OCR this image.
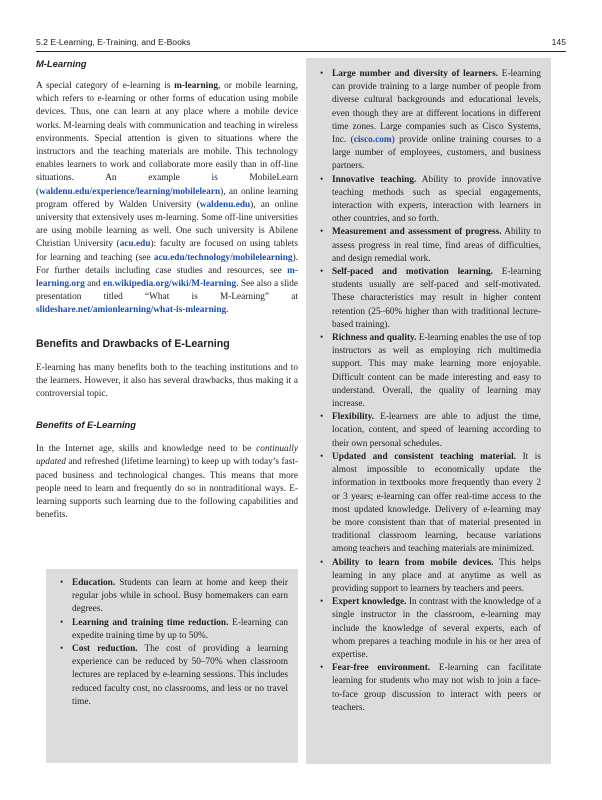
5.2 E-Learning, E-Training, and E-Books	145
M-Learning

A special category of e-learning is m-learning, or mobile learning, which refers to e-learning or other forms of education using mobile devices. Thus, one can learn at any place where a mobile device works. M-learning deals with communication and teaching in wireless environments. Special attention is given to situations where the instructors and the teaching materials are mobile. This technology enables learners to work and collaborate more easily than in off-line situations. An example is MobileLearn (waldenu.edu/experience/learning/mobilelearn), an online learning program offered by Walden University (waldenu.edu), an online university that extensively uses m-learning. Some off-line universities are using mobile learning as well. One such university is Abilene Christian University (acu.edu): faculty are focused on using tablets for learning and teaching (see acu.edu/technology/mobilelearning). For further details including case studies and resources, see m-learning.org and en.wikipedia.org/wiki/M-learning. See also a slide presentation titled “What is M-Learning” at slideshare.net/amionlearning/what-is-mlearning.

Benefits and Drawbacks of E-Learning

E-learning has many benefits both to the teaching institutions and to the learners. However, it also has several drawbacks, thus making it a controversial topic.

Benefits of E-Learning

In the Internet age, skills and knowledge need to be continually updated and refreshed (lifetime learning) to keep up with today’s fast-paced business and technological changes. This means that more people need to learn and frequently do so in nontraditional ways. E-learning supports such learning due to the following capabilities and benefits.

• Education. Students can learn at home and keep their regular jobs while in school. Busy homemakers can earn degrees.
• Learning and training time reduction. E-learning can expedite training time by up to 50%.
• Cost reduction. The cost of providing a learning experience can be reduced by 50–70% when classroom lectures are replaced by e-learning sessions. This includes reduced faculty cost, no classrooms, and less or no travel time.
• Large number and diversity of learners. E-learning can provide training to a large number of people from diverse cultural backgrounds and educational levels, even though they are at different locations in different time zones. Large companies such as Cisco Systems, Inc. (cisco.com) provide online training courses to a large number of employees, customers, and business partners.
• Innovative teaching. Ability to provide innovative teaching methods such as special engagements, interaction with experts, interaction with learners in other countries, and so forth.
• Measurement and assessment of progress. Ability to assess progress in real time, find areas of difficulties, and design remedial work.
• Self-paced and motivation learning. E-learning students usually are self-paced and self-motivated. These characteristics may result in higher content retention (25–60% higher than with traditional lecture-based training).
• Richness and quality. E-learning enables the use of top instructors as well as employing rich multimedia support. This may make learning more enjoyable. Difficult content can be made interesting and easy to understand. Overall, the quality of learning may increase.
• Flexibility. E-learners are able to adjust the time, location, content, and speed of learning according to their own personal schedules.
• Updated and consistent teaching material. It is almost impossible to economically update the information in textbooks more frequently than every 2 or 3 years; e-learning can offer real-time access to the most updated knowledge. Delivery of e-learning may be more consistent than that of material presented in traditional classroom learning, because variations among teachers and teaching materials are minimized.
• Ability to learn from mobile devices. This helps learning in any place and at anytime as well as providing support to learners by teachers and peers.
• Expert knowledge. In contrast with the knowledge of a single instructor in the classroom, e-learning may include the knowledge of several experts, each of whom prepares a teaching module in his or her area of expertise.
• Fear-free environment. E-learning can facilitate learning for students who may not wish to join a face-to-face group discussion to interact with peers or teachers.
